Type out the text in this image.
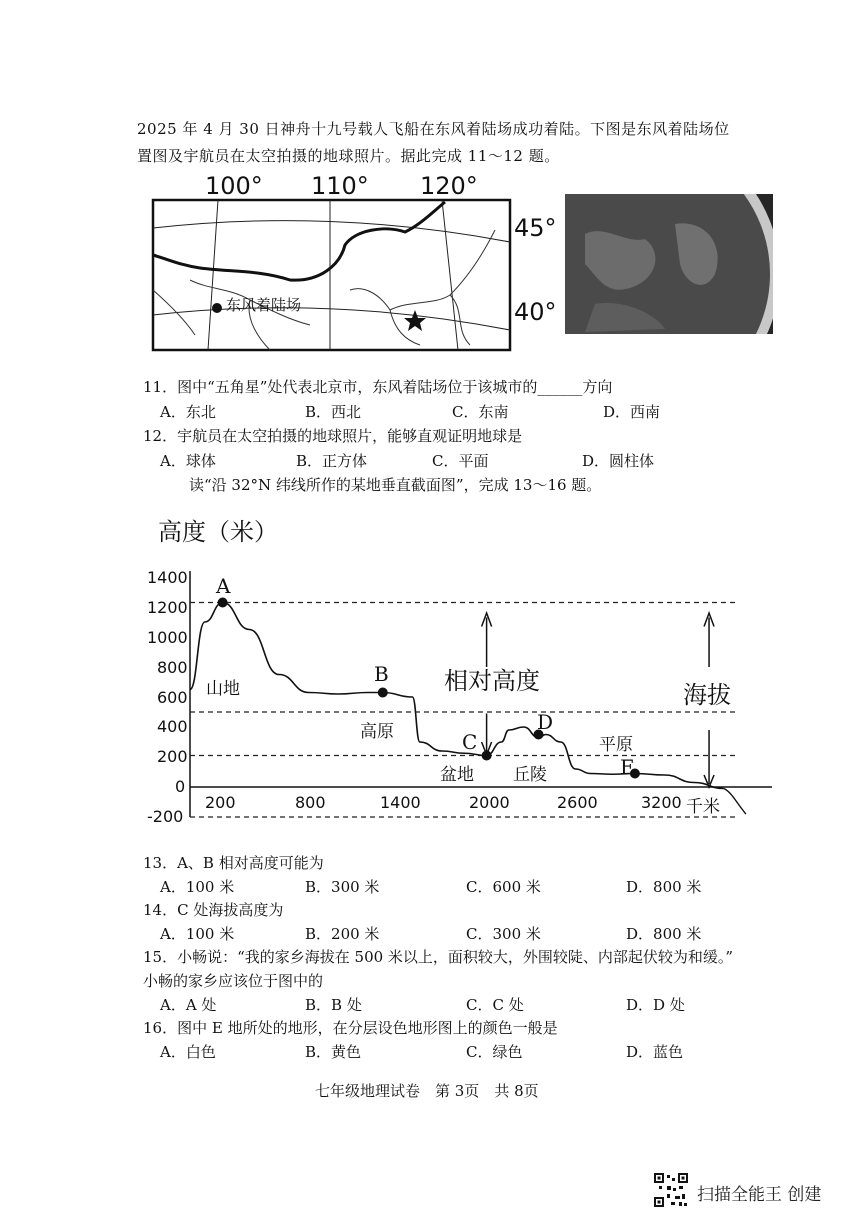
2025 年 4 月 30 日神舟十九号载人飞船在东风着陆场成功着陆。下图是东风着陆场位
置图及宇航员在太空拍摄的地球照片。据此完成 11～12 题。
100° 110° 120°
45°
40°
东风着陆场
11．图中“五角星”处代表北京市，东风着陆场位于该城市的______方向
A．东北	B．西北	C．东南	D．西南
12．宇航员在太空拍摄的地球照片，能够直观证明地球是
A．球体	B．正方体	C．平面	D．圆柱体
读“沿 32°N 纬线所作的某地垂直截面图”，完成 13～16 题。
高度（米）
1400
1200
1000
800
600
400
200
0
-200
200	800	1400	2000	2600	3200 千米
A
B
C
D
E
山地
高原
盆地 丘陵
平原
相对高度	海拔
13．A、B 相对高度可能为
A．100 米	B．300 米	C．600 米	D．800 米
14．C 处海拔高度为
A．100 米	B．200 米	C．300 米	D．800 米
15．小畅说：“我的家乡海拔在 500 米以上，面积较大，外围较陡、内部起伏较为和缓。”
小畅的家乡应该位于图中的
A．A 处	B．B 处	C．C 处	D．D 处
16．图中 E 地所处的地形，在分层设色地形图上的颜色一般是
A．白色	B．黄色	C．绿色	D．蓝色
七年级地理试卷　第 3页　共 8页
扫描全能王 创建
